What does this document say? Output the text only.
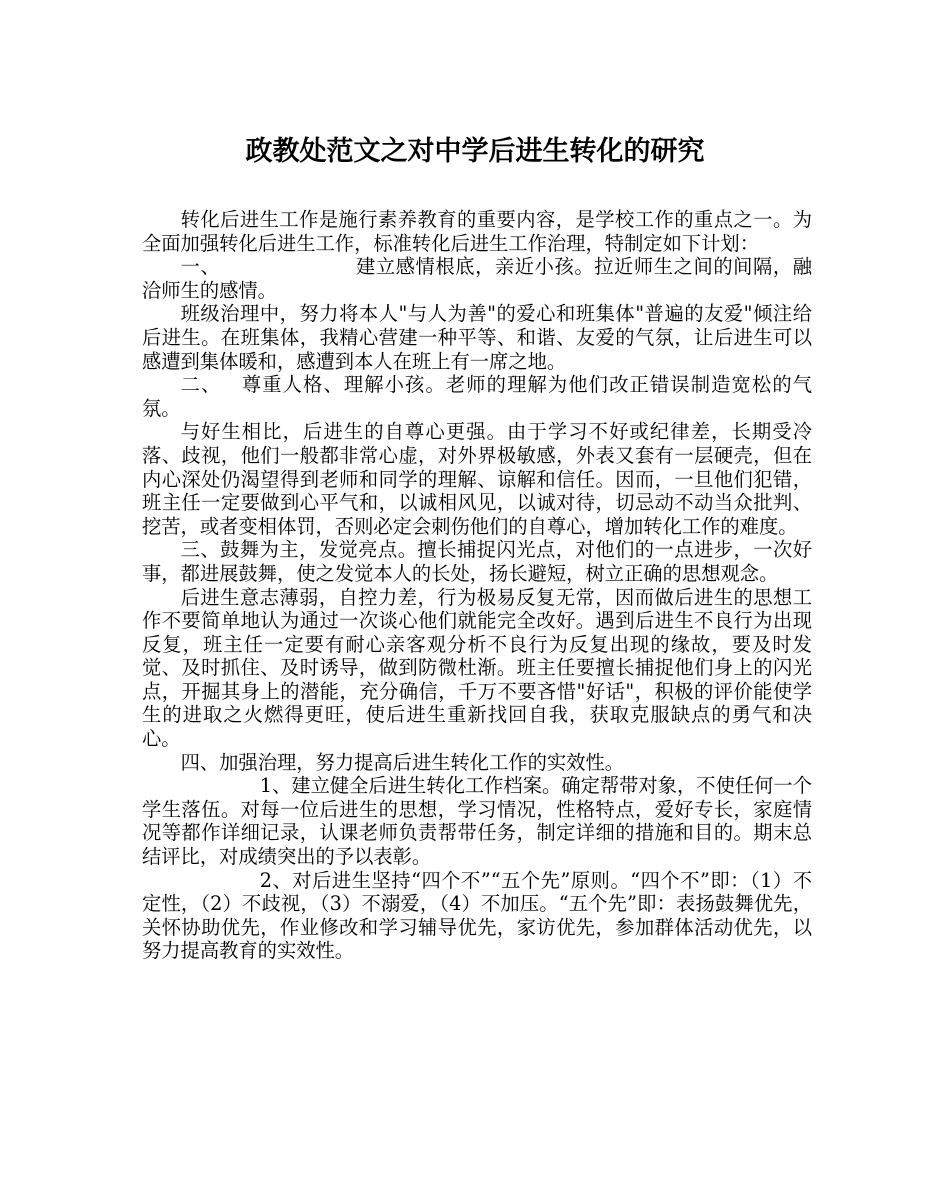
政教处范文之对中学后进生转化的研究

转化后进生工作是施行素养教育的重要内容，是学校工作的重点之一。为全面加强转化后进生工作，标准转化后进生工作治理，特制定如下计划：

一、	建立感情根底，亲近小孩。拉近师生之间的间隔，融洽师生的感情。

班级治理中，努力将本人"与人为善"的爱心和班集体"普遍的友爱"倾注给后进生。在班集体，我精心营建一种平等、和谐、友爱的气氛，让后进生可以感遭到集体暖和，感遭到本人在班上有一席之地。

二、 尊重人格、理解小孩。老师的理解为他们改正错误制造宽松的气氛。

与好生相比，后进生的自尊心更强。由于学习不好或纪律差，长期受冷落、歧视，他们一般都非常心虚，对外界极敏感，外表又套有一层硬壳，但在内心深处仍渴望得到老师和同学的理解、谅解和信任。因而，一旦他们犯错，班主任一定要做到心平气和，以诚相风见，以诚对待，切忌动不动当众批判、挖苦，或者变相体罚，否则必定会刺伤他们的自尊心，增加转化工作的难度。

三、鼓舞为主，发觉亮点。擅长捕捉闪光点，对他们的一点进步，一次好事，都进展鼓舞，使之发觉本人的长处，扬长避短，树立正确的思想观念。

后进生意志薄弱，自控力差，行为极易反复无常，因而做后进生的思想工作不要简单地认为通过一次谈心他们就能完全改好。遇到后进生不良行为出现反复，班主任一定要有耐心亲客观分析不良行为反复出现的缘故，要及时发觉、及时抓住、及时诱导，做到防微杜渐。班主任要擅长捕捉他们身上的闪光点，开掘其身上的潜能，充分确信，千万不要吝惜"好话"，积极的评价能使学生的进取之火燃得更旺，使后进生重新找回自我，获取克服缺点的勇气和决心。

四、加强治理，努力提高后进生转化工作的实效性。

1、建立健全后进生转化工作档案。确定帮带对象，不使任何一个学生落伍。对每一位后进生的思想，学习情况，性格特点，爱好专长，家庭情况等都作详细记录，认课老师负责帮带任务，制定详细的措施和目的。期末总结评比，对成绩突出的予以表彰。

2、对后进生坚持“四个不”“五个先”原则。“四个不”即：（1）不定性，（2）不歧视，（3）不溺爱，（4）不加压。“五个先”即：表扬鼓舞优先，关怀协助优先，作业修改和学习辅导优先，家访优先，参加群体活动优先，以努力提高教育的实效性。
